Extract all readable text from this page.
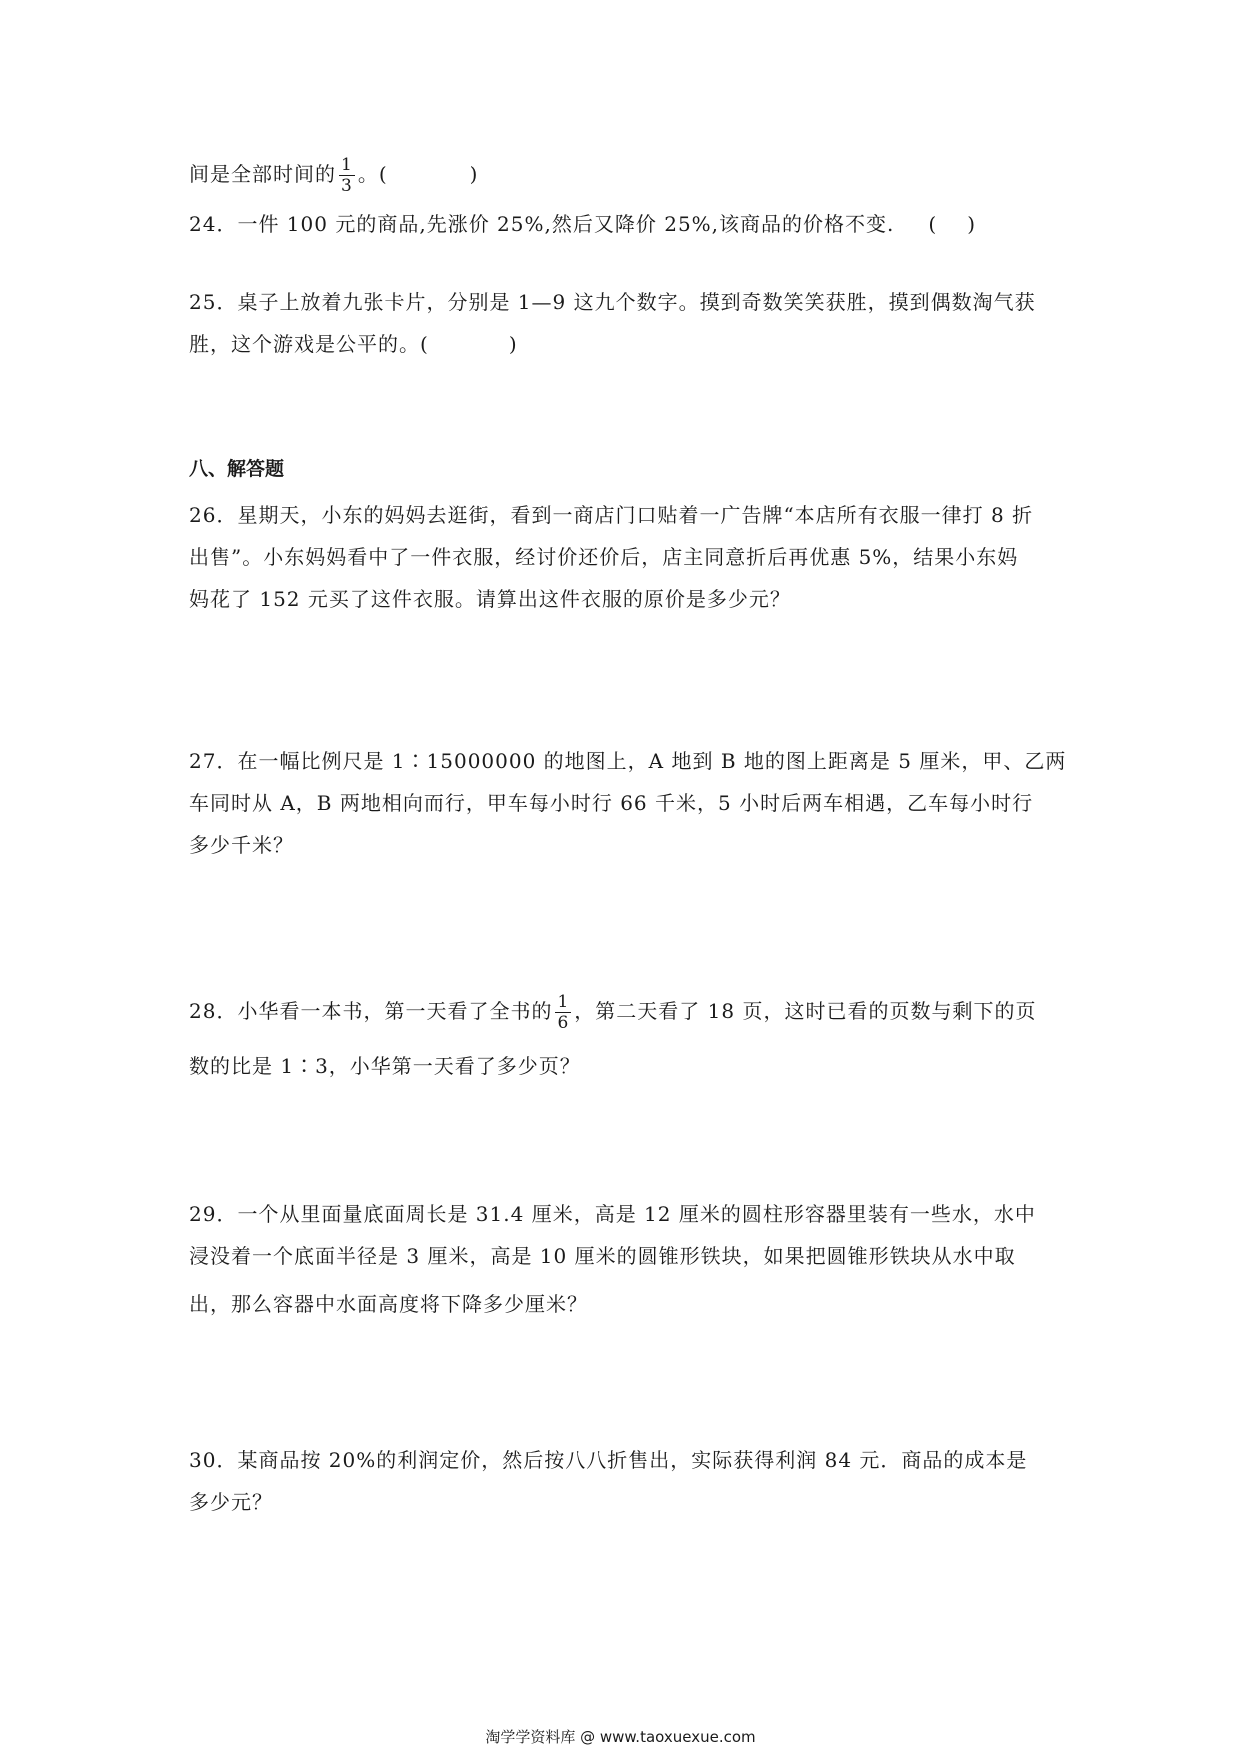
间是全部时间的 $\frac{1}{3}$ 。(	)
24．一件 100 元的商品,先涨价 25%,然后又降价 25%,该商品的价格不变. ( )
25．桌子上放着九张卡片，分别是 1—9 这九个数字。摸到奇数笑笑获胜，摸到偶数淘气获
胜，这个游戏是公平的。(	)
八、解答题
26．星期天，小东的妈妈去逛街，看到一商店门口贴着一广告牌“本店所有衣服一律打 8 折
出售”。小东妈妈看中了一件衣服，经讨价还价后，店主同意折后再优惠 5%，结果小东妈
妈花了 152 元买了这件衣服。请算出这件衣服的原价是多少元？
27．在一幅比例尺是 1∶15000000 的地图上，A 地到 B 地的图上距离是 5 厘米，甲、乙两
车同时从 A，B 两地相向而行，甲车每小时行 66 千米，5 小时后两车相遇，乙车每小时行
多少千米？
28．小华看一本书，第一天看了全书的 $\frac{1}{6}$ ，第二天看了 18 页，这时已看的页数与剩下的页
数的比是 1∶3，小华第一天看了多少页？
29．一个从里面量底面周长是 31.4 厘米，高是 12 厘米的圆柱形容器里装有一些水，水中
浸没着一个底面半径是 3 厘米，高是 10 厘米的圆锥形铁块，如果把圆锥形铁块从水中取
出，那么容器中水面高度将下降多少厘米？
30．某商品按 20%的利润定价，然后按八八折售出，实际获得利润 84 元．商品的成本是
多少元？
淘学学资料库 @ www.taoxuexue.com
